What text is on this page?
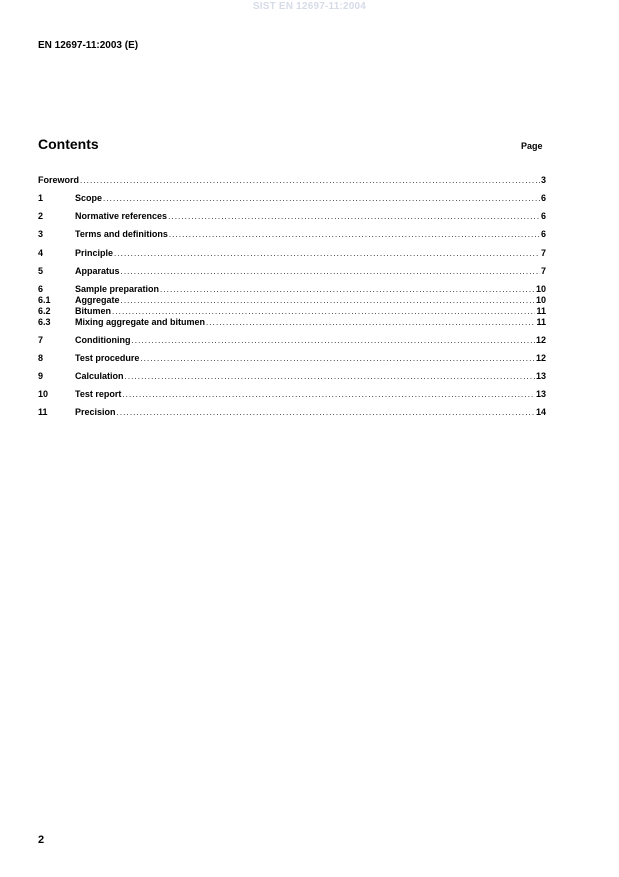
SIST EN 12697-11:2004
EN 12697-11:2003 (E)
Contents	Page
Foreword .....	3
1	Scope .....	6
2	Normative references .....	6
3	Terms and definitions .....	6
4	Principle .....	7
5	Apparatus .....	7
6	Sample preparation .....	10
6.1	Aggregate .....	10
6.2	Bitumen .....	11
6.3	Mixing aggregate and bitumen .....	11
7	Conditioning .....	12
8	Test procedure .....	12
9	Calculation .....	13
10	Test report .....	13
11	Precision .....	14
2
